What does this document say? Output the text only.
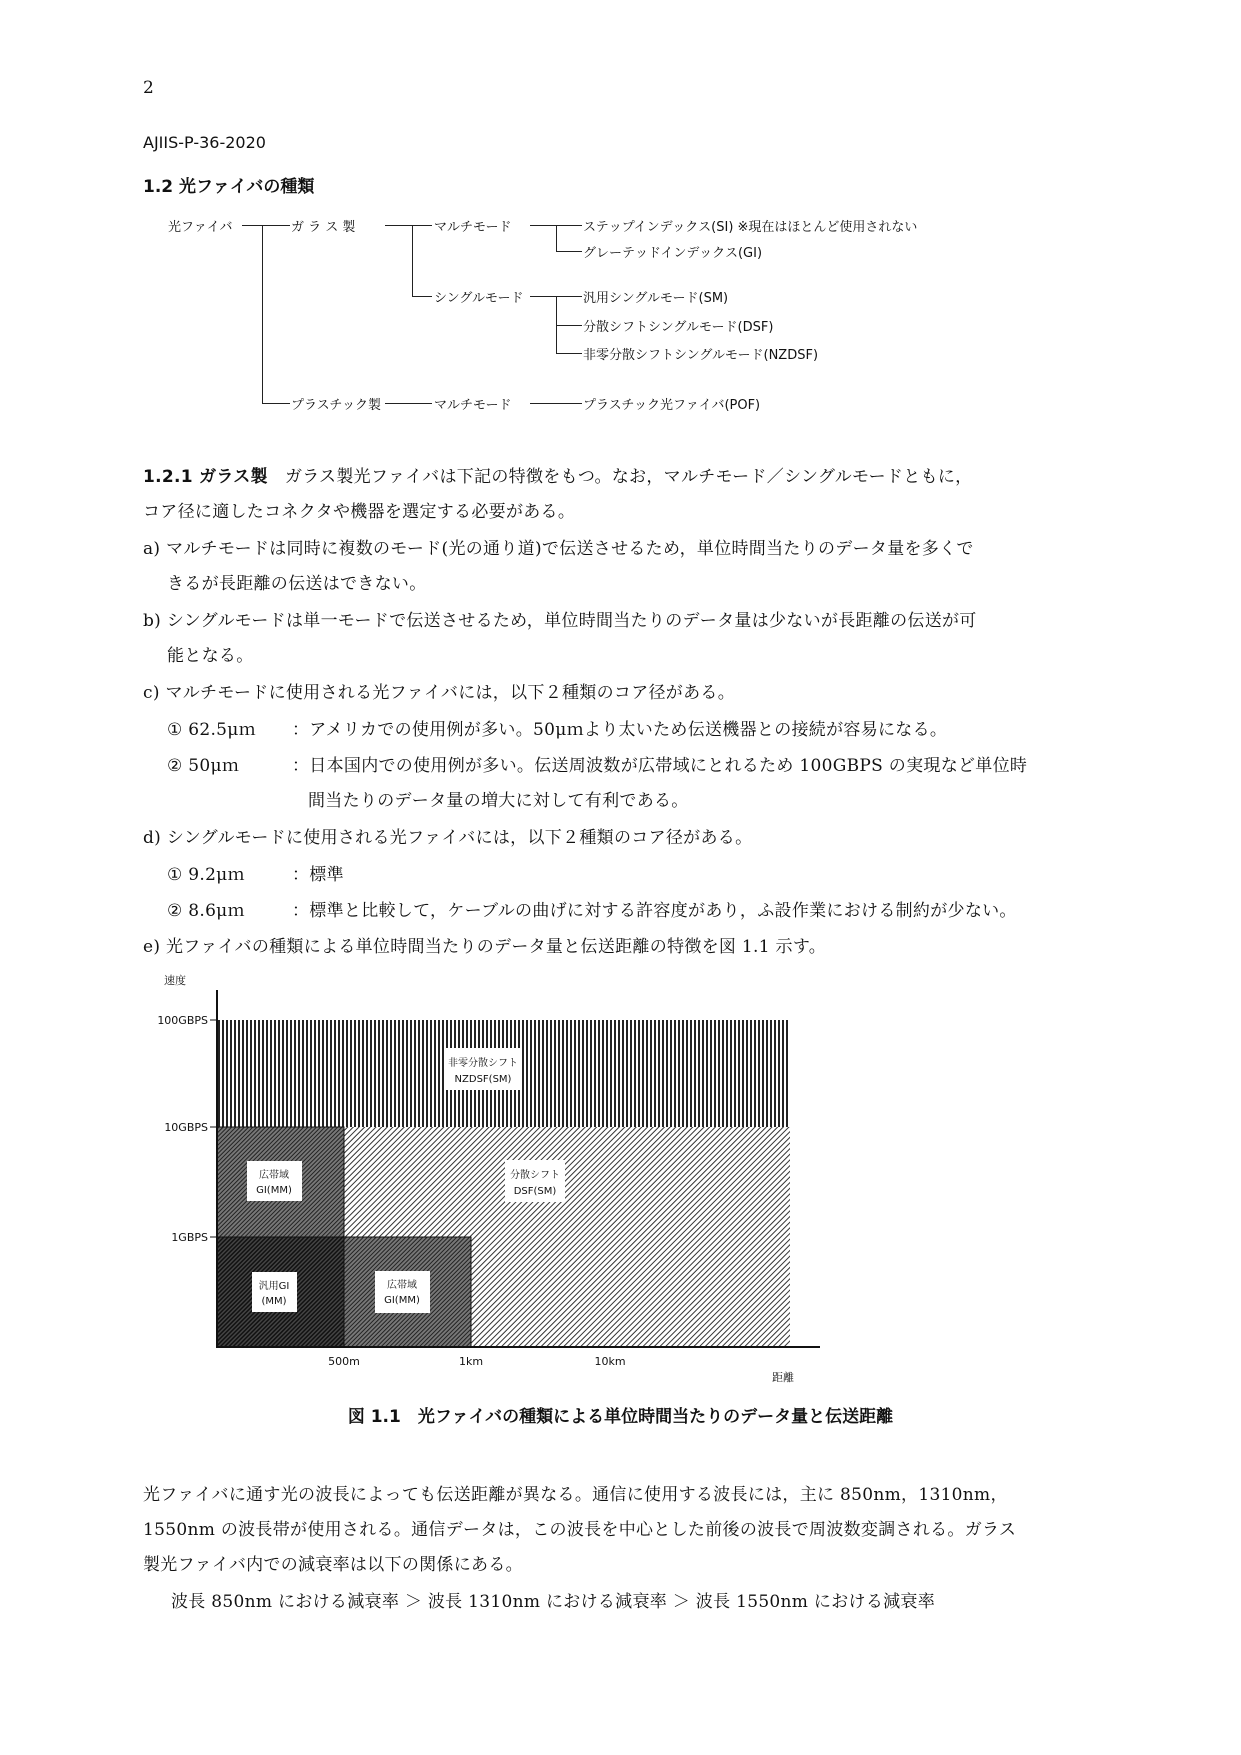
2
AJIIS-P-36-2020
1.2 光ファイバの種類
光ファイバ	ガ ラ ス 製
プラスチック製
マルチモード
シングルモード
マルチモード
ステップインデックス(SI) ※現在はほとんど使用されない
グレーテッドインデックス(GI)
汎用シングルモード(SM)
分散シフトシングルモード(DSF)
非零分散シフトシングルモード(NZDSF)
プラスチック光ファイバ(POF)
1.2.1 ガラス製 ガラス製光ファイバは下記の特徴をもつ。なお，マルチモード／シングルモードともに，
コア径に適したコネクタや機器を選定する必要がある。
a) マルチモードは同時に複数のモード(光の通り道)で伝送させるため，単位時間当たりのデータ量を多くで
きるが長距離の伝送はできない。
b) シングルモードは単一モードで伝送させるため，単位時間当たりのデータ量は少ないが長距離の伝送が可
能となる。
c) マルチモードに使用される光ファイバには，以下２種類のコア径がある。
① 62.5μｍ ：アメリカでの使用例が多い。50μｍより太いため伝送機器との接続が容易になる。
② 50μｍ	：日本国内での使用例が多い。伝送周波数が広帯域にとれるため 100GBPS の実現など単位時
間当たりのデータ量の増大に対して有利である。
d) シングルモードに使用される光ファイバには，以下２種類のコア径がある。
① 9.2μｍ	：標準
② 8.6μｍ	：標準と比較して，ケーブルの曲げに対する許容度があり，ふ設作業における制約が少ない。
e) 光ファイバの種類による単位時間当たりのデータ量と伝送距離の特徴を図 1.1 示す。
速度
距離
非零分散シフト
NZDSF(SM)
分散シフト
DSF(SM)
広帯域
GI(MM)
汎用GI
(MM)
広帯域
GI(MM)
100GBPS
10GBPS
1GBPS
500m	1km	10km
図 1.1　光ファイバの種類による単位時間当たりのデータ量と伝送距離
光ファイバに通す光の波長によっても伝送距離が異なる。通信に使用する波長には，主に 850nm，1310nm，
1550nm の波長帯が使用される。通信データは，この波長を中心とした前後の波長で周波数変調される。ガラス
製光ファイバ内での減衰率は以下の関係にある。
波長 850nm における減衰率 ＞ 波長 1310nm における減衰率 ＞ 波長 1550nm における減衰率
